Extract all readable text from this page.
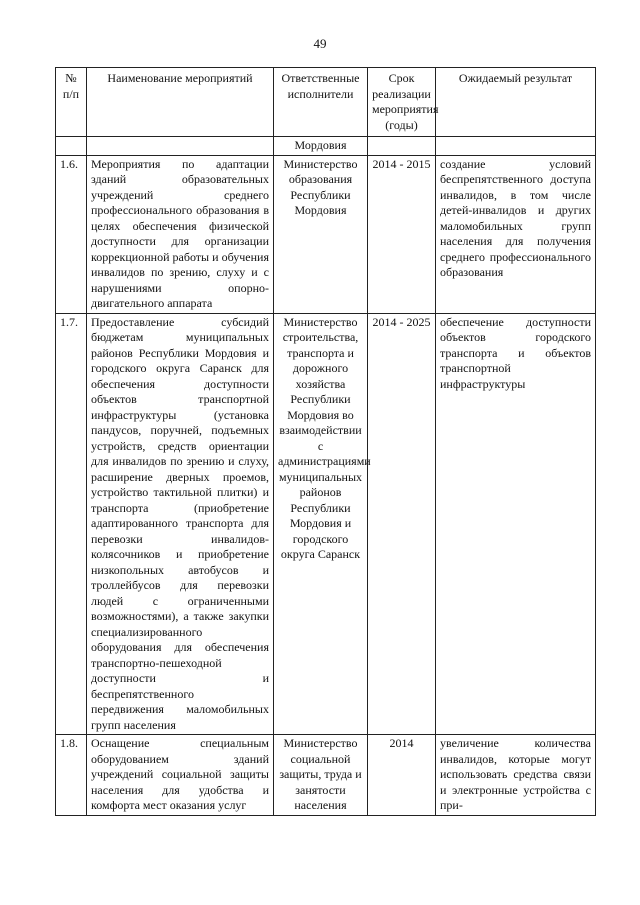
49
№ п/п	Наименование мероприятий	Ответственные исполнители	Срок реализации мероприятия (годы)	Ожидаемый результат
		Мордовия		
1.6.	Мероприятия по адаптации зданий образовательных учреждений среднего профессионального образования в целях обеспечения физической доступности для организации коррекционной работы и обучения инвалидов по зрению, слуху и с нарушениями опорно-двигательного аппарата	Министерство образования Республики Мордовия	2014 - 2015	создание условий беспрепятственного доступа инвалидов, в том числе детей-инвалидов и других маломобильных групп населения для получения среднего профессионального образования
1.7.	Предоставление субсидий бюджетам муниципальных районов Республики Мордовия и городского округа Саранск для обеспечения доступности объектов транспортной инфраструктуры (установка пандусов, поручней, подъемных устройств, средств ориентации для инвалидов по зрению и слуху, расширение дверных проемов, устройство тактильной плитки) и транспорта (приобретение адаптированного транспорта для перевозки инвалидов-колясочников и приобретение низкопольных автобусов и троллейбусов для перевозки людей с ограниченными возможностями), а также закупки специализированного оборудования для обеспечения транспортно-пешеходной доступности и беспрепятственного передвижения маломобильных групп населения	Министерство строительства, транспорта и дорожного хозяйства Республики Мордовия во взаимодействии с администрациями муниципальных районов Республики Мордовия и городского округа Саранск	2014 - 2025	обеспечение доступности объектов городского транспорта и объектов транспортной инфраструктуры
1.8.	Оснащение специальным оборудованием зданий учреждений социальной защиты населения для удобства и комфорта мест оказания услуг	Министерство социальной защиты, труда и занятости населения	2014	увеличение количества инвалидов, которые могут использовать средства связи и электронные устройства с при-
